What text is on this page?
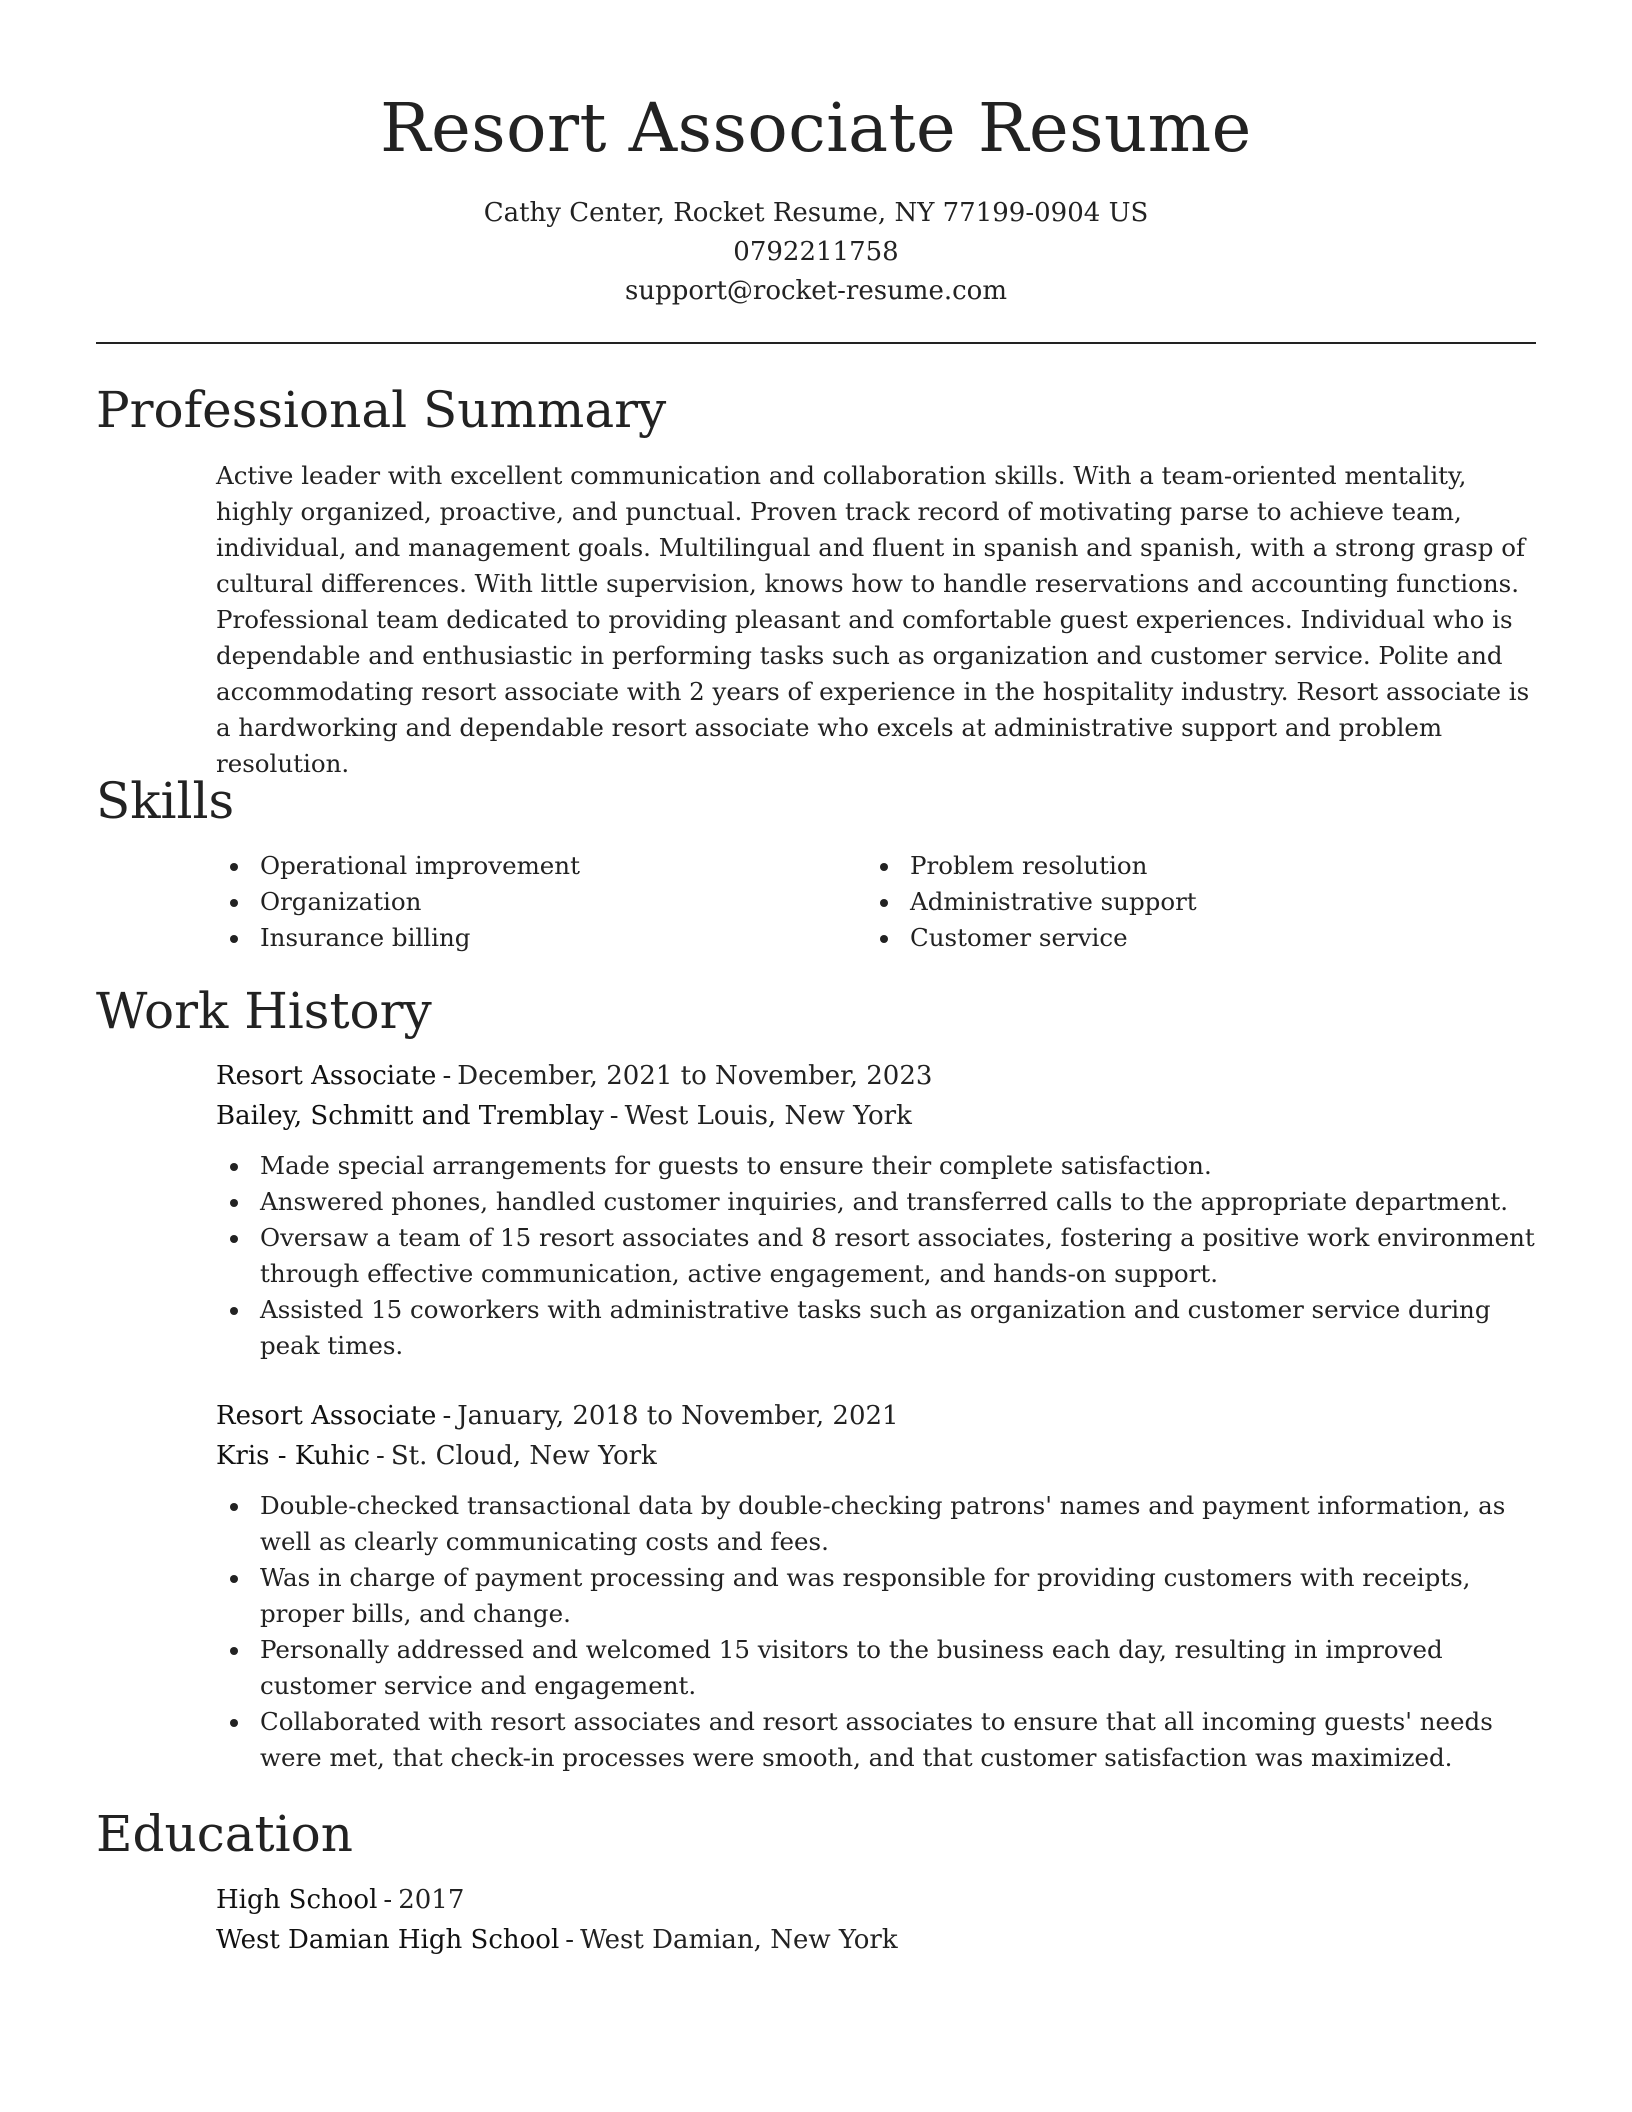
Resort Associate Resume
Cathy Center, Rocket Resume, NY 77199-0904 US
0792211758
support@rocket-resume.com
Professional Summary

Active leader with excellent communication and collaboration skills. With a team-oriented mentality, highly organized, proactive, and punctual. Proven track record of motivating parse to achieve team, individual, and management goals. Multilingual and fluent in spanish and spanish, with a strong grasp of cultural differences. With little supervision, knows how to handle reservations and accounting functions. Professional team dedicated to providing pleasant and comfortable guest experiences. Individual who is dependable and enthusiastic in performing tasks such as organization and customer service. Polite and accommodating resort associate with 2 years of experience in the hospitality industry. Resort associate is a hardworking and dependable resort associate who excels at administrative support and problem resolution.

Skills
Operational improvement	Problem resolution
Organization	Administrative support
Insurance billing	Customer service
Work History

Resort Associate - December, 2021 to November, 2023

Bailey, Schmitt and Tremblay - West Louis, New York

Made special arrangements for guests to ensure their complete satisfaction.
Answered phones, handled customer inquiries, and transferred calls to the appropriate department.
Oversaw a team of 15 resort associates and 8 resort associates, fostering a positive work environment through effective communication, active engagement, and hands-on support.
Assisted 15 coworkers with administrative tasks such as organization and customer service during peak times.

Resort Associate - January, 2018 to November, 2021

Kris - Kuhic - St. Cloud, New York

Double-checked transactional data by double-checking patrons' names and payment information, as well as clearly communicating costs and fees.
Was in charge of payment processing and was responsible for providing customers with receipts, proper bills, and change.
Personally addressed and welcomed 15 visitors to the business each day, resulting in improved customer service and engagement.
Collaborated with resort associates and resort associates to ensure that all incoming guests' needs were met, that check-in processes were smooth, and that customer satisfaction was maximized.
Education

High School - 2017

West Damian High School - West Damian, New York
